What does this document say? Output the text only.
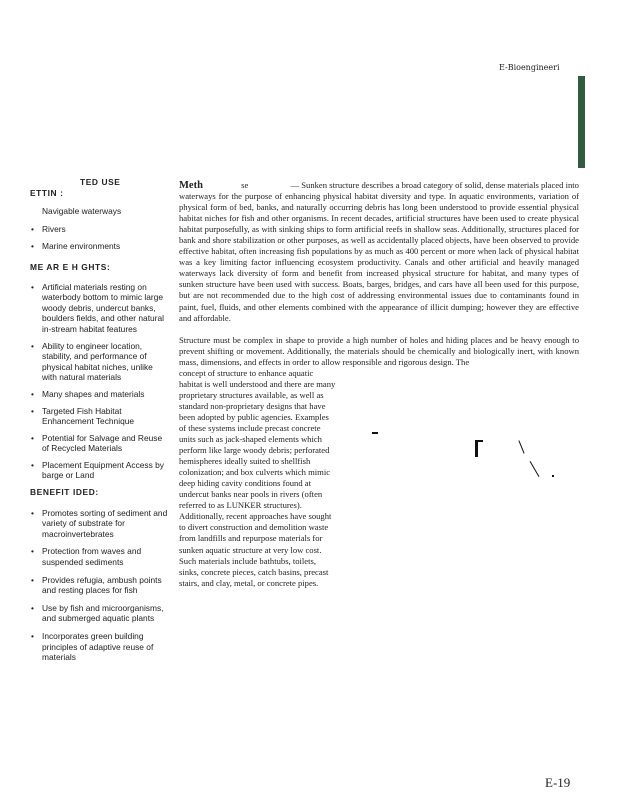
E-Bioengineeri
TED USE
ETTIN :
Navigable waterways
• Rivers
• Marine environments
ME AR E H GHTS:
• Artificial materials resting on waterbody bottom to mimic large woody debris, undercut banks, boulders fields, and other natural in-stream habitat features
• Ability to engineer location, stability, and performance of physical habitat niches, unlike with natural materials
• Many shapes and materials
• Targeted Fish Habitat Enhancement Technique
• Potential for Salvage and Reuse of Recycled Materials
• Placement Equipment Access by barge or Land
BENEFIT IDED:
• Promotes sorting of sediment and variety of substrate for macroinvertebrates
• Protection from waves and suspended sediments
• Provides refugia, ambush points and resting places for fish
• Use by fish and microorganisms, and submerged aquatic plants
• Incorporates green building principles of adaptive reuse of materials

Meth	se	— Sunken structure describes a broad category of solid, dense materials placed into waterways for the purpose of enhancing physical habitat diversity and type. In aquatic environments, variation of physical form of bed, banks, and naturally occurring debris has long been understood to provide essential physical habitat niches for fish and other organisms. In recent decades, artificial structures have been used to create physical habitat purposefully, as with sinking ships to form artificial reefs in shallow seas. Additionally, structures placed for bank and shore stabilization or other purposes, as well as accidentally placed objects, have been observed to provide effective habitat, often increasing fish populations by as much as 400 percent or more when lack of physical habitat was a key limiting factor influencing ecosystem productivity. Canals and other artificial and heavily managed waterways lack diversity of form and benefit from increased physical structure for habitat, and many types of sunken structure have been used with success. Boats, barges, bridges, and cars have all been used for this purpose, but are not recommended due to the high cost of addressing environmental issues due to contaminants found in paint, fuel, fluids, and other elements combined with the appearance of illicit dumping; however they are effective and affordable.

Structure must be complex in shape to provide a high number of holes and hiding places and be heavy enough to prevent shifting or movement. Additionally, the materials should be chemically and biologically inert, with known mass, dimensions, and effects in order to allow responsible and rigorous design. The

concept of structure to enhance aquatic habitat is well understood and there are many proprietary structures available, as well as standard non-proprietary designs that have been adopted by public agencies. Examples of these systems include precast concrete units such as jack-shaped elements which perform like large woody debris; perforated hemispheres ideally suited to shellfish colonization; and box culverts which mimic deep hiding cavity conditions found at undercut banks near pools in rivers (often referred to as LUNKER structures). Additionally, recent approaches have sought to divert construction and demolition waste from landfills and repurpose materials for sunken aquatic structure at very low cost. Such materials include bathtubs, toilets, sinks, concrete pieces, catch basins, precast stairs, and clay, metal, or concrete pipes.

E-19
